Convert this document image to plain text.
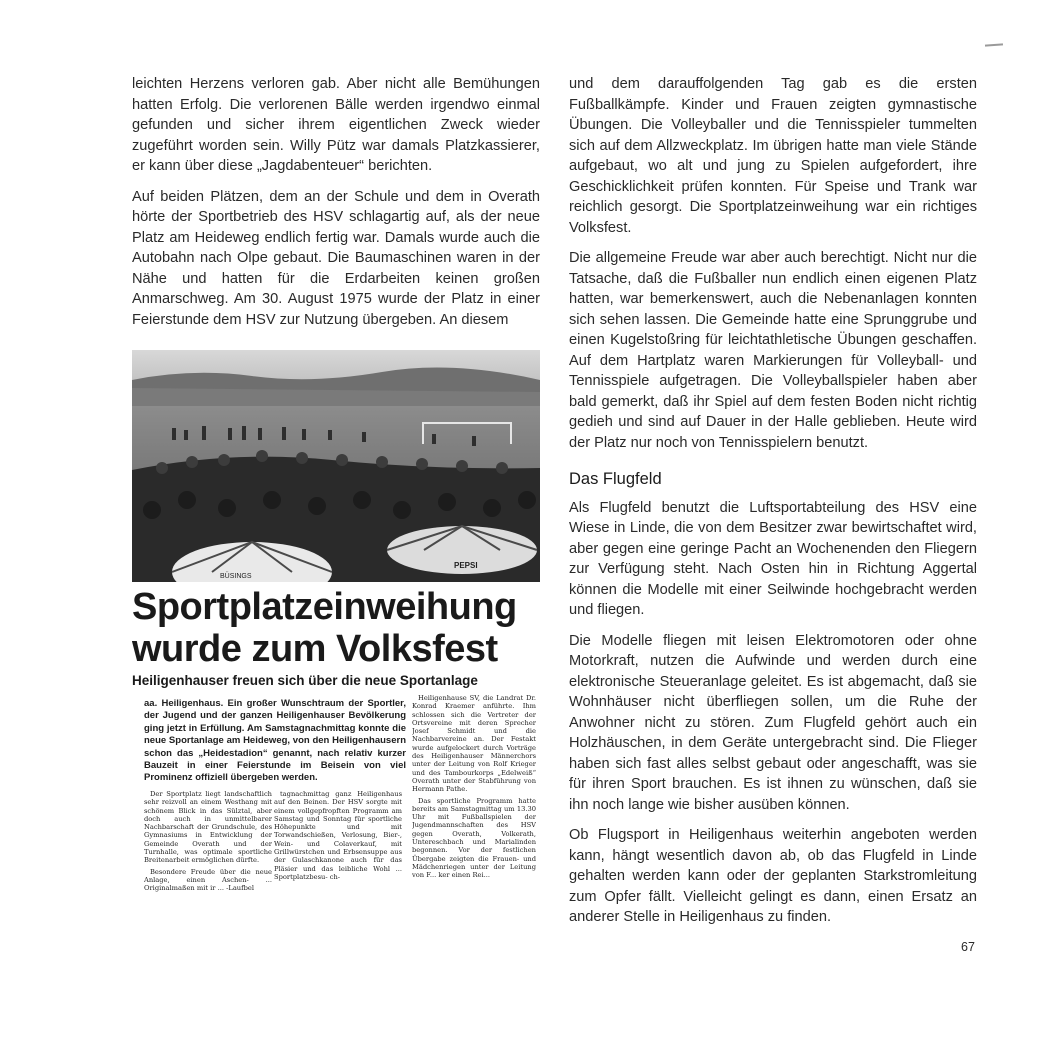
leichten Herzens verloren gab. Aber nicht alle Bemühungen hatten Erfolg. Die verlorenen Bälle werden irgendwo einmal gefunden und sicher ihrem eigentlichen Zweck wieder zugeführt worden sein. Willy Pütz war damals Platzkassierer, er kann über diese „Jagdabenteuer“ berichten.

Auf beiden Plätzen, dem an der Schule und dem in Overath hörte der Sportbetrieb des HSV schlagartig auf, als der neue Platz am Heideweg endlich fertig war. Damals wurde auch die Autobahn nach Olpe gebaut. Die Baumaschinen waren in der Nähe und hatten für die Erdarbeiten keinen großen Anmarschweg. Am 30. August 1975 wurde der Platz in einer Feierstunde dem HSV zur Nutzung übergeben. An diesem

BÜSINGS
PEPSI
Sportplatzeinweihung
wurde zum Volksfest
Heiligenhauser freuen sich über die neue Sportanlage
aa. Heiligenhaus. Ein großer Wunschtraum der Sportler, der Jugend und der ganzen Heiligenhauser Bevölkerung ging jetzt in Erfüllung. Am Samstagnachmittag konnte die neue Sportanlage am Heideweg, von den Heiligenhausern schon das „Heidestadion“ genannt, nach relativ kurzer Bauzeit in einer Feierstunde im Beisein von viel Prominenz offiziell übergeben werden.

Der Sportplatz liegt landschaftlich sehr reizvoll an einem Westhang mit schönem Blick in das Sülztal, aber doch auch in unmittelbarer Nachbarschaft der Grundschule, des Gymnasiums in Entwicklung der Gemeinde Overath und der Turnhalle, was optimale sportliche Breitenarbeit ermöglichen dürfte.

Besondere Freude über die neue Anlage, einen Aschen- ... Originalmaßen mit ir ... -Laufbel

tagnachmittag ganz Heiligenhaus auf den Beinen. Der HSV sorgte mit einem vollgepfropften Programm am Samstag und Sonntag für sportliche Höhepunkte und mit Torwandschießen, Verlosung, Bier-, Wein- und Colaverkauf, mit Grillwürstchen und Erbsensuppe aus der Gulaschkanone auch für das Pläsier und das leibliche Wohl ... Sportplatzbesu- ch-

Heiligenhause SV, die Landrat Dr. Konrad Kraemer anführte. Ihm schlossen sich die Vertreter der Ortsvereine mit deren Sprecher Josef Schmidt und die Nachbarvereine an. Der Festakt wurde aufgelockert durch Vorträge des Heiligenhauser Männerchors unter der Leitung von Rolf Krieger und des Tambourkorps „Edelweiß“ Overath unter der Stabführung von Hermann Pathe.

Das sportliche Programm hatte bereits am Samstagmittag um 13.30 Uhr mit Fußballspielen der Jugendmannschaften des HSV gegen Overath, Volkerath, Untereschbach und Marialinden begonnen. Vor der festlichen Übergabe zeigten die Frauen- und Mädchenriegen unter der Leitung von F... ker einen Rei...

und dem darauffolgenden Tag gab es die ersten Fußballkämpfe. Kinder und Frauen zeigten gymnastische Übungen. Die Volleyballer und die Tennisspieler tummelten sich auf dem Allzweckplatz. Im übrigen hatte man viele Stände aufgebaut, wo alt und jung zu Spielen aufgefordert, ihre Geschicklichkeit prüfen konnten. Für Speise und Trank war reichlich gesorgt. Die Sportplatzeinweihung war ein richtiges Volksfest.

Die allgemeine Freude war aber auch berechtigt. Nicht nur die Tatsache, daß die Fußballer nun endlich einen eigenen Platz hatten, war bemerkenswert, auch die Nebenanlagen konnten sich sehen lassen. Die Gemeinde hatte eine Sprunggrube und einen Kugelstoßring für leichtathletische Übungen geschaffen. Auf dem Hartplatz waren Markierungen für Volleyball- und Tennisspiele aufgetragen. Die Volleyballspieler haben aber bald gemerkt, daß ihr Spiel auf dem festen Boden nicht richtig gedieh und sind auf Dauer in der Halle geblieben. Heute wird der Platz nur noch von Tennisspielern benutzt.

Das Flugfeld

Als Flugfeld benutzt die Luftsportabteilung des HSV eine Wiese in Linde, die von dem Besitzer zwar bewirtschaftet wird, aber gegen eine geringe Pacht an Wochenenden den Fliegern zur Verfügung steht. Nach Osten hin in Richtung Aggertal können die Modelle mit einer Seilwinde hochgebracht werden und fliegen.

Die Modelle fliegen mit leisen Elektromotoren oder ohne Motorkraft, nutzen die Aufwinde und werden durch eine elektronische Steueranlage geleitet. Es ist abgemacht, daß sie Wohnhäuser nicht überfliegen sollen, um die Ruhe der Anwohner nicht zu stören. Zum Flugfeld gehört auch ein Holzhäuschen, in dem Geräte untergebracht sind. Die Flieger haben sich fast alles selbst gebaut oder angeschafft, was sie für ihren Sport brauchen. Es ist ihnen zu wünschen, daß sie ihn noch lange wie bisher ausüben können.

Ob Flugsport in Heiligenhaus weiterhin angeboten werden kann, hängt wesentlich davon ab, ob das Flugfeld in Linde gehalten werden kann oder der geplanten Starkstromleitung zum Opfer fällt. Vielleicht gelingt es dann, einen Ersatz an anderer Stelle in Heiligenhaus zu finden.

67
